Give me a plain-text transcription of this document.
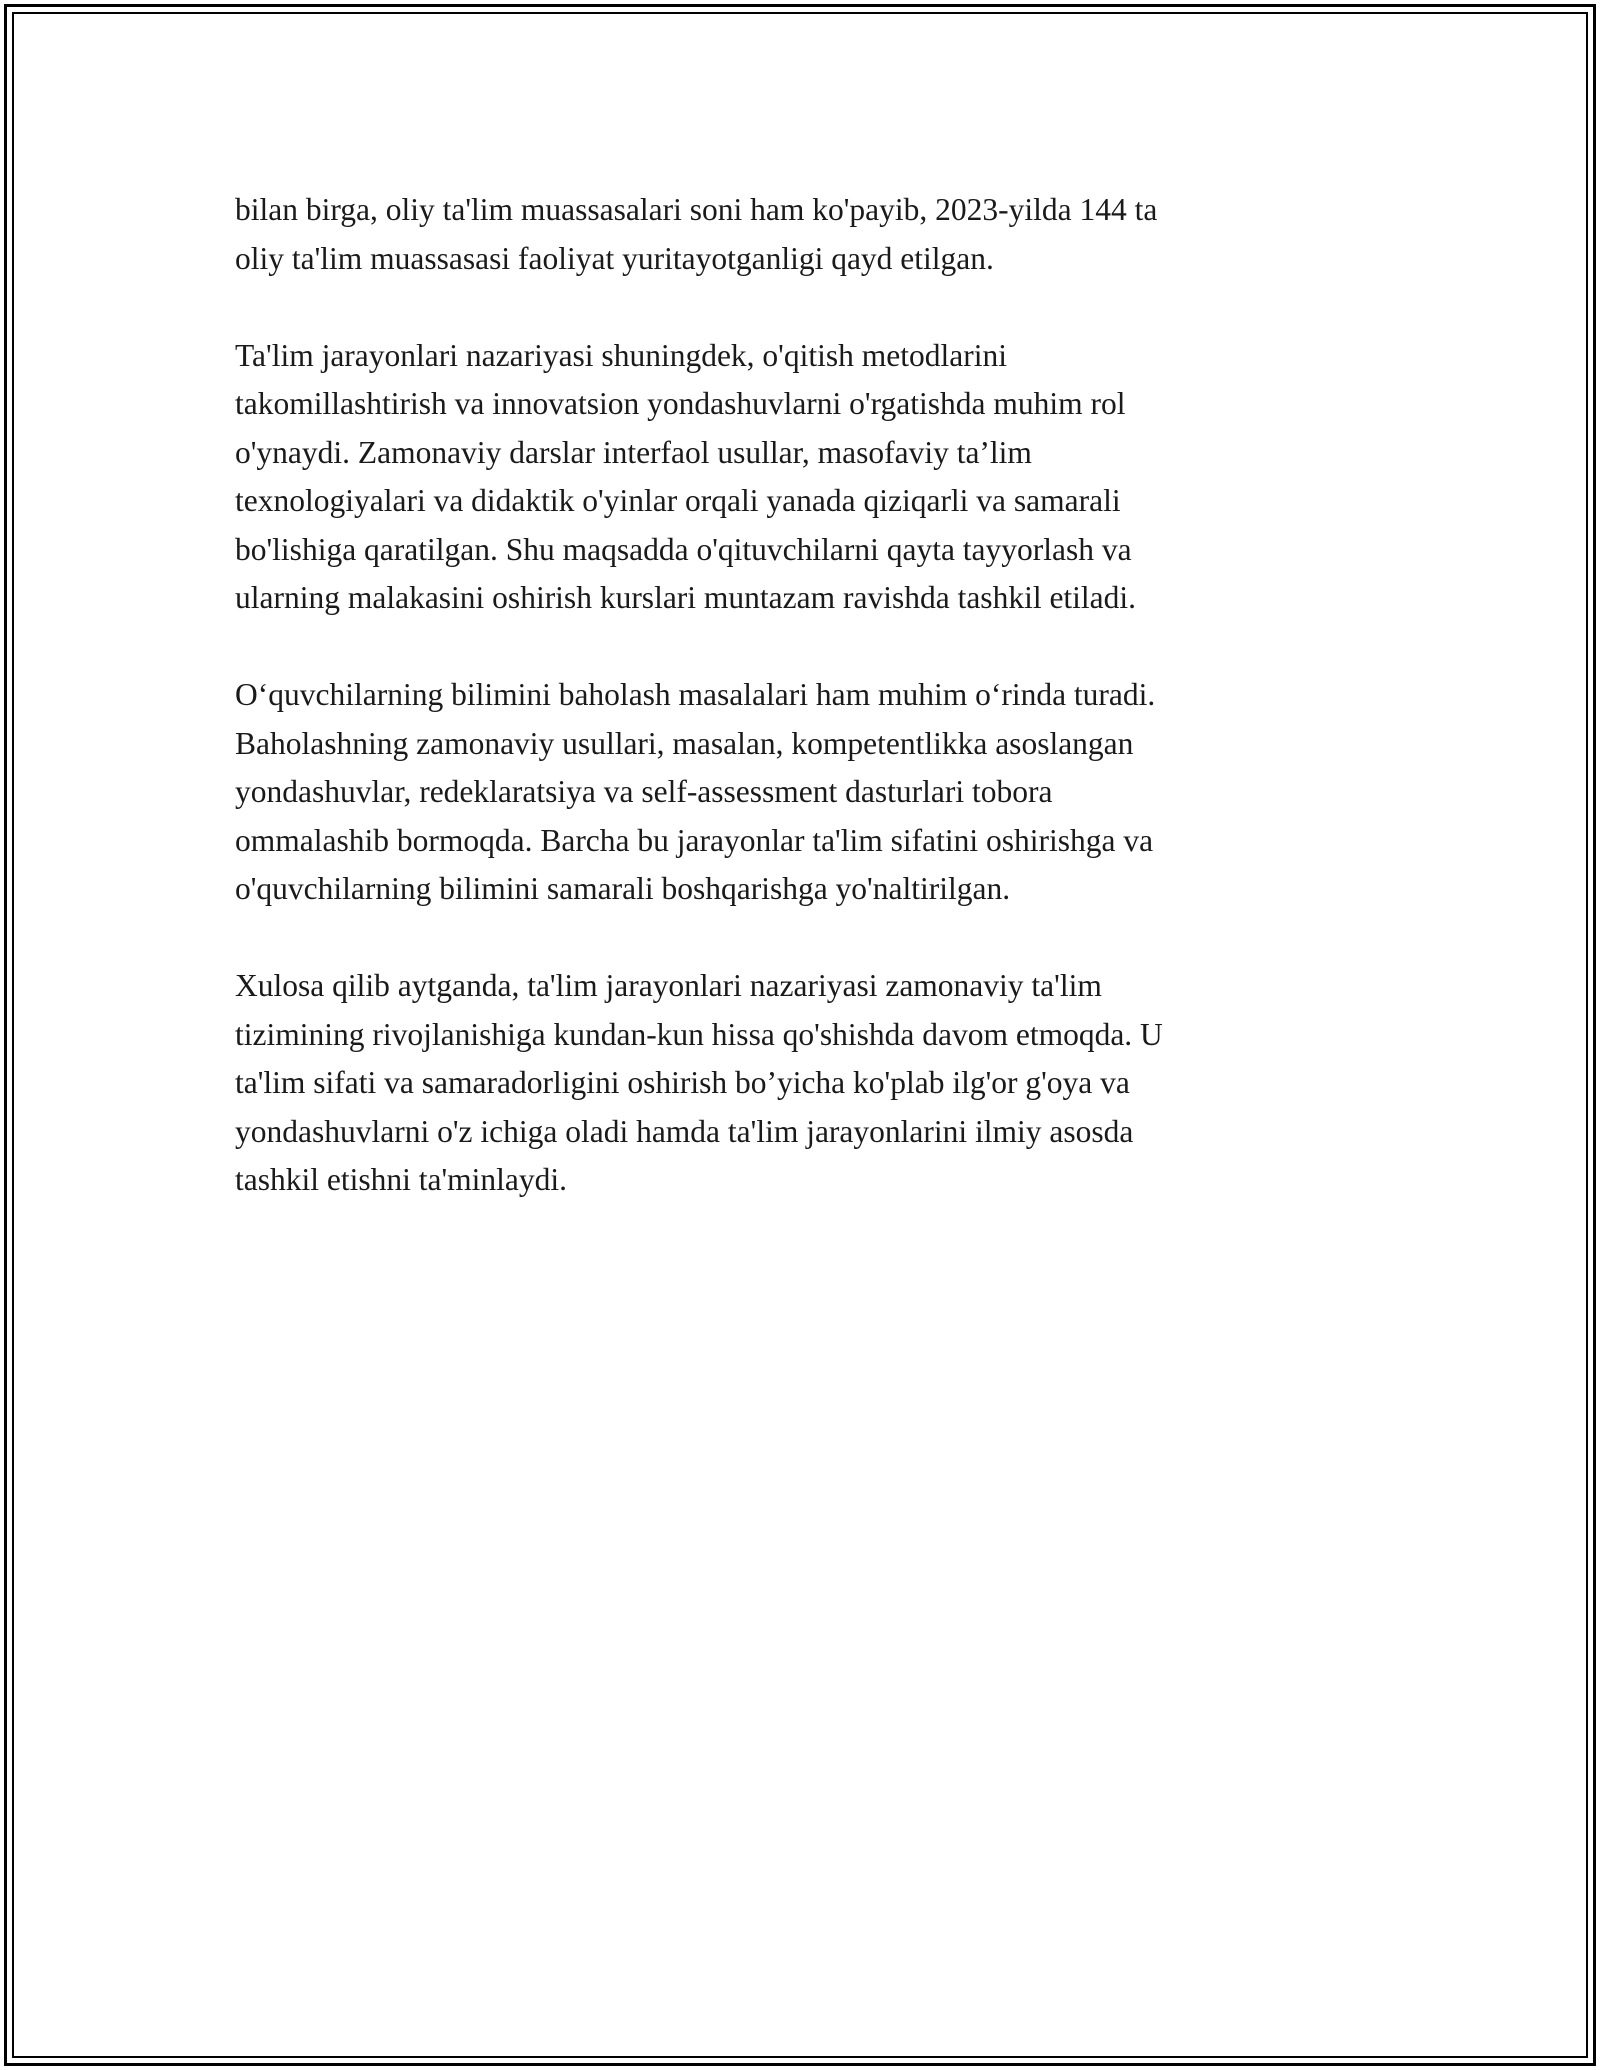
bilan birga, oliy ta'lim muassasalari soni ham ko'payib, 2023-yilda 144 ta
oliy ta'lim muassasasi faoliyat yuritayotganligi qayd etilgan.

Ta'lim jarayonlari nazariyasi shuningdek, o'qitish metodlarini
takomillashtirish va innovatsion yondashuvlarni o'rgatishda muhim rol
o'ynaydi. Zamonaviy darslar interfaol usullar, masofaviy ta’lim
texnologiyalari va didaktik o'yinlar orqali yanada qiziqarli va samarali
bo'lishiga qaratilgan. Shu maqsadda o'qituvchilarni qayta tayyorlash va
ularning malakasini oshirish kurslari muntazam ravishda tashkil etiladi.

O‘quvchilarning bilimini baholash masalalari ham muhim o‘rinda turadi.
Baholashning zamonaviy usullari, masalan, kompetentlikka asoslangan
yondashuvlar, redeklaratsiya va self-assessment dasturlari tobora
ommalashib bormoqda. Barcha bu jarayonlar ta'lim sifatini oshirishga va
o'quvchilarning bilimini samarali boshqarishga yo'naltirilgan.

Xulosa qilib aytganda, ta'lim jarayonlari nazariyasi zamonaviy ta'lim
tizimining rivojlanishiga kundan-kun hissa qo'shishda davom etmoqda. U
ta'lim sifati va samaradorligini oshirish bo’yicha ko'plab ilg'or g'oya va
yondashuvlarni o'z ichiga oladi hamda ta'lim jarayonlarini ilmiy asosda
tashkil etishni ta'minlaydi.
